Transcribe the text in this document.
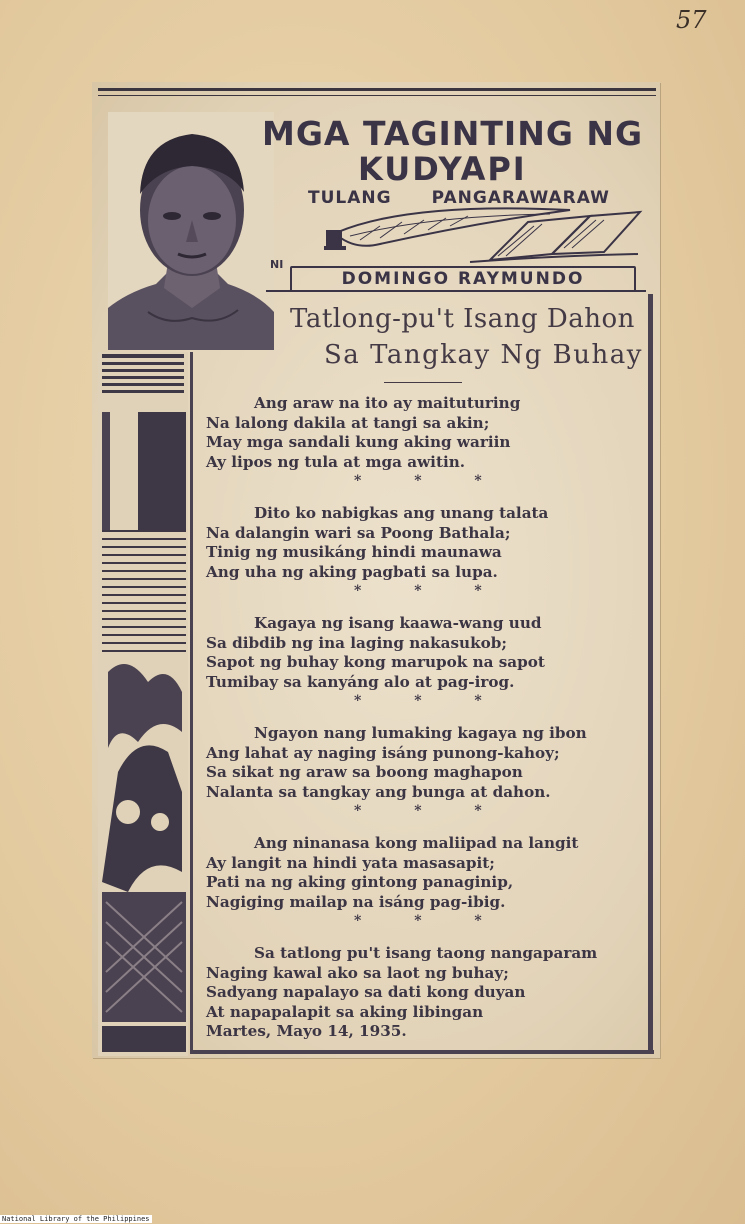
57
MGA TAGINTING NG
KUDYAPI
TULANG PANGARAWARAW
NI
DOMINGO RAYMUNDO
Tatlong-pu't Isang Dahon
Sa Tangkay Ng Buhay
Ang araw na ito ay maituturing
Na lalong dakila at tangi sa akin;
May mga sandali kung aking wariin
Ay lipos ng tula at mga awitin.
* * *
Dito ko nabigkas ang unang talata
Na dalangin wari sa Poong Bathala;
Tinig ng musikáng hindi maunawa
Ang uha ng aking pagbati sa lupa.
* * *
Kagaya ng isang kaawa-wang uud
Sa dibdib ng ina laging nakasukob;
Sapot ng buhay kong marupok na sapot
Tumibay sa kanyáng alo at pag-irog.
* * *
Ngayon nang lumaking kagaya ng ibon
Ang lahat ay naging isáng punong-kahoy;
Sa sikat ng araw sa boong maghapon
Nalanta sa tangkay ang bunga at dahon.
* * *
Ang ninanasa kong maliipad na langit
Ay langit na hindi yata masasapit;
Pati na ng aking gintong panaginip,
Nagiging mailap na isáng pag-ibig.
* * *
Sa tatlong pu't isang taong nangaparam
Naging kawal ako sa laot ng buhay;
Sadyang napalayo sa dati kong duyan
At napapalapit sa aking libingan
Martes, Mayo 14, 1935.
National Library of the Philippines
